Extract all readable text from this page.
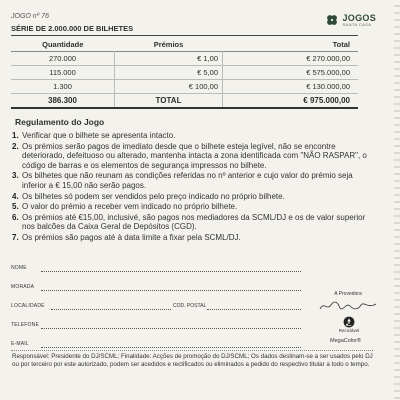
JOGO nº 76
SÉRIE DE 2.000.000 DE BILHETES
JOGOS
SANTA CASA
Quantidade	Prémios	Total
270.000	€ 1,00	€ 270.000,00
115.000	€ 5,00	€ 575.000,00
1.300	€ 100,00	€ 130.000,00
386.300	TOTAL	€ 975.000,00
Regulamento do Jogo
1. Verificar que o bilhete se apresenta intacto.
2. Os prémios serão pagos de imediato desde que o bilhete esteja legível, não se encontre deteriorado, defeituoso ou alterado, mantenha intacta a zona identificada com "NÃO RASPAR", o código de barras e os elementos de segurança impressos no bilhete.
3. Os bilhetes que não reunam as condições referidas no nº anterior e cujo valor do prémio seja inferior a € 15,00 não serão pagos.
4. Os bilhetes só podem ser vendidos pelo preço indicado no próprio bilhete.
5. O valor do prémio a receber vem indicado no próprio bilhete.
6. Os prémios até €15,00, inclusivé, são pagos nos mediadores da SCML/DJ e os de valor superior nos balcões da Caixa Geral de Depósitos (CGD).
7. Os prémios são pagos até à data limite a fixar pela SCML/DJ.
NOME
MORADA
LOCALIDADE	COD. POSTAL
TELEFONE
E-MAIL
A Provedora
Reciclável
MegaColor®
Responsável: Presidente do DJ/SCML; Finalidade: Acções de promoção do DJ/SCML; Os dados destinam-se a ser usados pelo DJ ou por terceiro por este autorizado, podem ser acedidos e rectificados ou eliminados a pedido do respectivo titular a todo o tempo.
